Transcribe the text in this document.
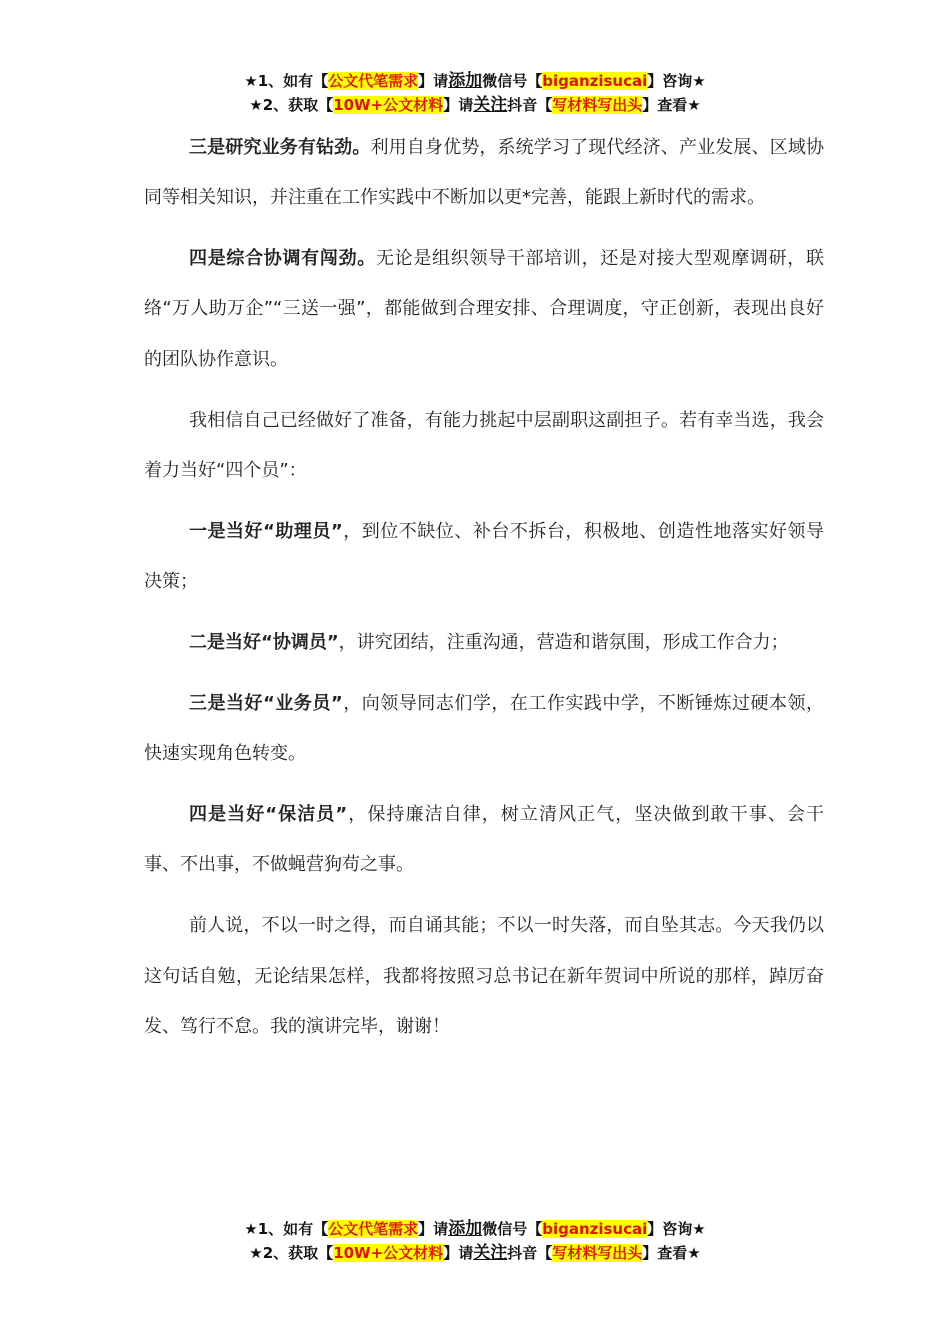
★1、如有【公文代笔需求】请添加微信号【biganzisucai】咨询★
★2、获取【10W+公文材料】请关注抖音【写材料写出头】查看★

三是研究业务有钻劲。利用自身优势，系统学习了现代经济、产业发展、区域协同等相关知识，并注重在工作实践中不断加以更*完善，能跟上新时代的需求。

四是综合协调有闯劲。无论是组织领导干部培训，还是对接大型观摩调研，联络“万人助万企”“三送一强”，都能做到合理安排、合理调度，守正创新，表现出良好的团队协作意识。

我相信自己已经做好了准备，有能力挑起中层副职这副担子。若有幸当选，我会着力当好“四个员”：

一是当好“助理员”，到位不缺位、补台不拆台，积极地、创造性地落实好领导决策；

二是当好“协调员”，讲究团结，注重沟通，营造和谐氛围，形成工作合力；

三是当好“业务员”，向领导同志们学，在工作实践中学，不断锤炼过硬本领，快速实现角色转变。

四是当好“保洁员”，保持廉洁自律，树立清风正气，坚决做到敢干事、会干事、不出事，不做蝇营狗苟之事。

前人说，不以一时之得，而自诵其能；不以一时失落，而自坠其志。今天我仍以这句话自勉，无论结果怎样，我都将按照习总书记在新年贺词中所说的那样，踔厉奋发、笃行不怠。我的演讲完毕，谢谢！

★1、如有【公文代笔需求】请添加微信号【biganzisucai】咨询★
★2、获取【10W+公文材料】请关注抖音【写材料写出头】查看★
